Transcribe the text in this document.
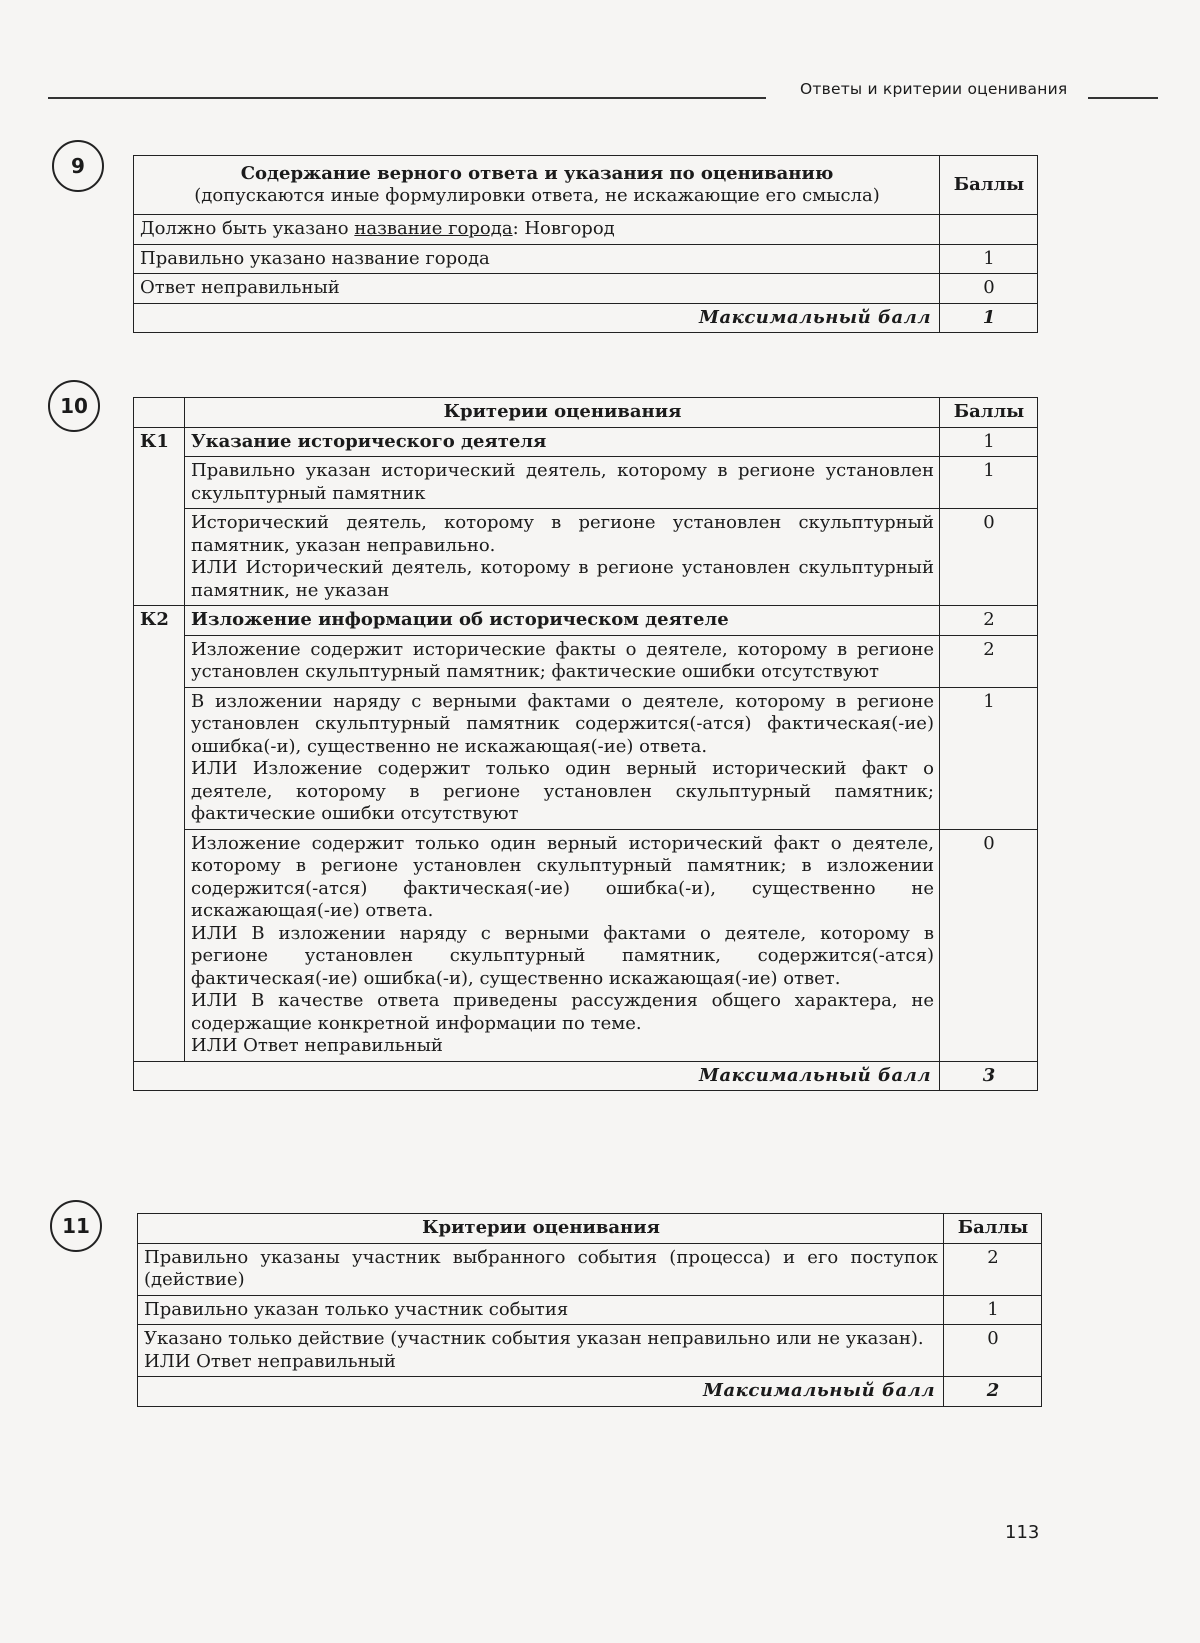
Ответы и критерии оценивания
9	Содержание верного ответа и указания по оцениванию
(допускаются иные формулировки ответа, не искажающие его смысла)	Баллы
Должно быть указано название города: Новгород	
Правильно указано название города	1
Ответ неправильный	0
Максимальный балл	1
10
		Критерии оценивания	Баллы
К1	Указание исторического деятеля	1
	Правильно указан исторический деятель, которому в регионе установлен скульптурный памятник	1

	Исторический деятель, которому в регионе установлен скульптурный памятник, указан неправильно.
ИЛИ Исторический деятель, которому в регионе установлен скульптурный памятник, не указан	0
К2	Изложение информации об историческом деятеле	2
	Изложение содержит исторические факты о деятеле, которому в регионе установлен скульптурный памятник; фактические ошибки отсутствуют	2

	В изложении наряду с верными фактами о деятеле, которому в регионе установлен скульптурный памятник содержится(-атся) фактическая(-ие) ошибка(-и), существенно не искажающая(-ие) ответа.
ИЛИ Изложение содержит только один верный исторический факт о деятеле, которому в регионе установлен скульптурный памятник; фактические ошибки отсутствуют	1

	Изложение содержит только один верный исторический факт о деятеле, которому в регионе установлен скульптурный памятник; в изложении содержится(-атся) фактическая(-ие) ошибка(-и), существенно не искажающая(-ие) ответа.
ИЛИ В изложении наряду с верными фактами о деятеле, которому в регионе установлен скульптурный памятник, содержится(-атся) фактическая(-ие) ошибка(-и), существенно искажающая(-ие) ответ.
ИЛИ В качестве ответа приведены рассуждения общего характера, не содержащие конкретной информации по теме.
ИЛИ Ответ неправильный	0
Максимальный балл		3
11	Критерии оценивания	Баллы
Правильно указаны участник выбранного события (процесса) и его поступок (действие)	2
Правильно указан только участник события	1

Указано только действие (участник события указан неправильно или не указан).
ИЛИ Ответ неправильный	0
Максимальный балл	2
113
